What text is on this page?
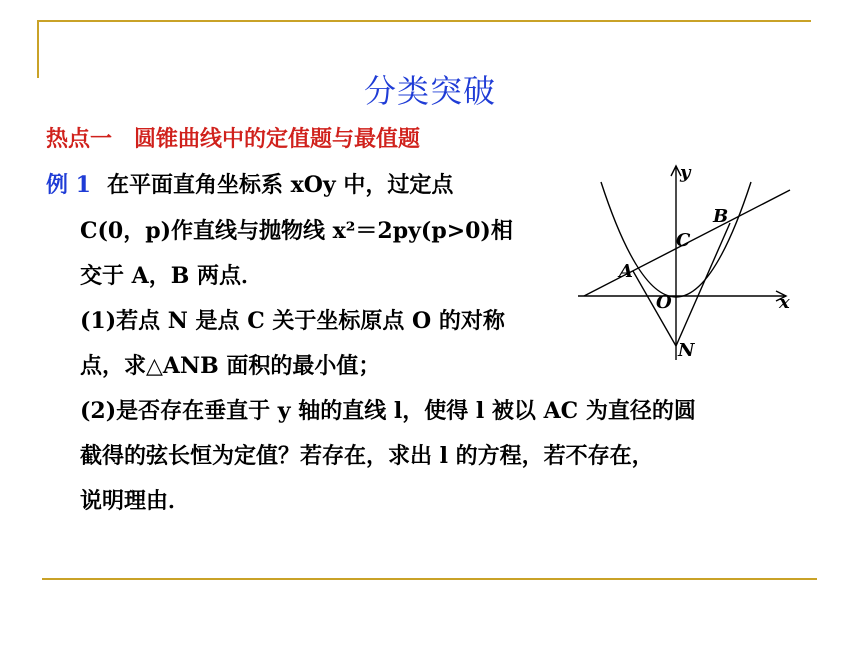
分类突破
热点一　圆锥曲线中的定值题与最值题
例 1 在平面直角坐标系 xOy 中，过定点
C(0，p)作直线与抛物线 x²＝2py(p>0)相
交于 A，B 两点．
(1)若点 N 是点 C 关于坐标原点 O 的对称
点，求△ANB 面积的最小值；
(2)是否存在垂直于 y 轴的直线 l，使得 l 被以 AC 为直径的圆
截得的弦长恒为定值？若存在，求出 l 的方程，若不存在，
说明理由．
y
x
O
A
B
C
N
